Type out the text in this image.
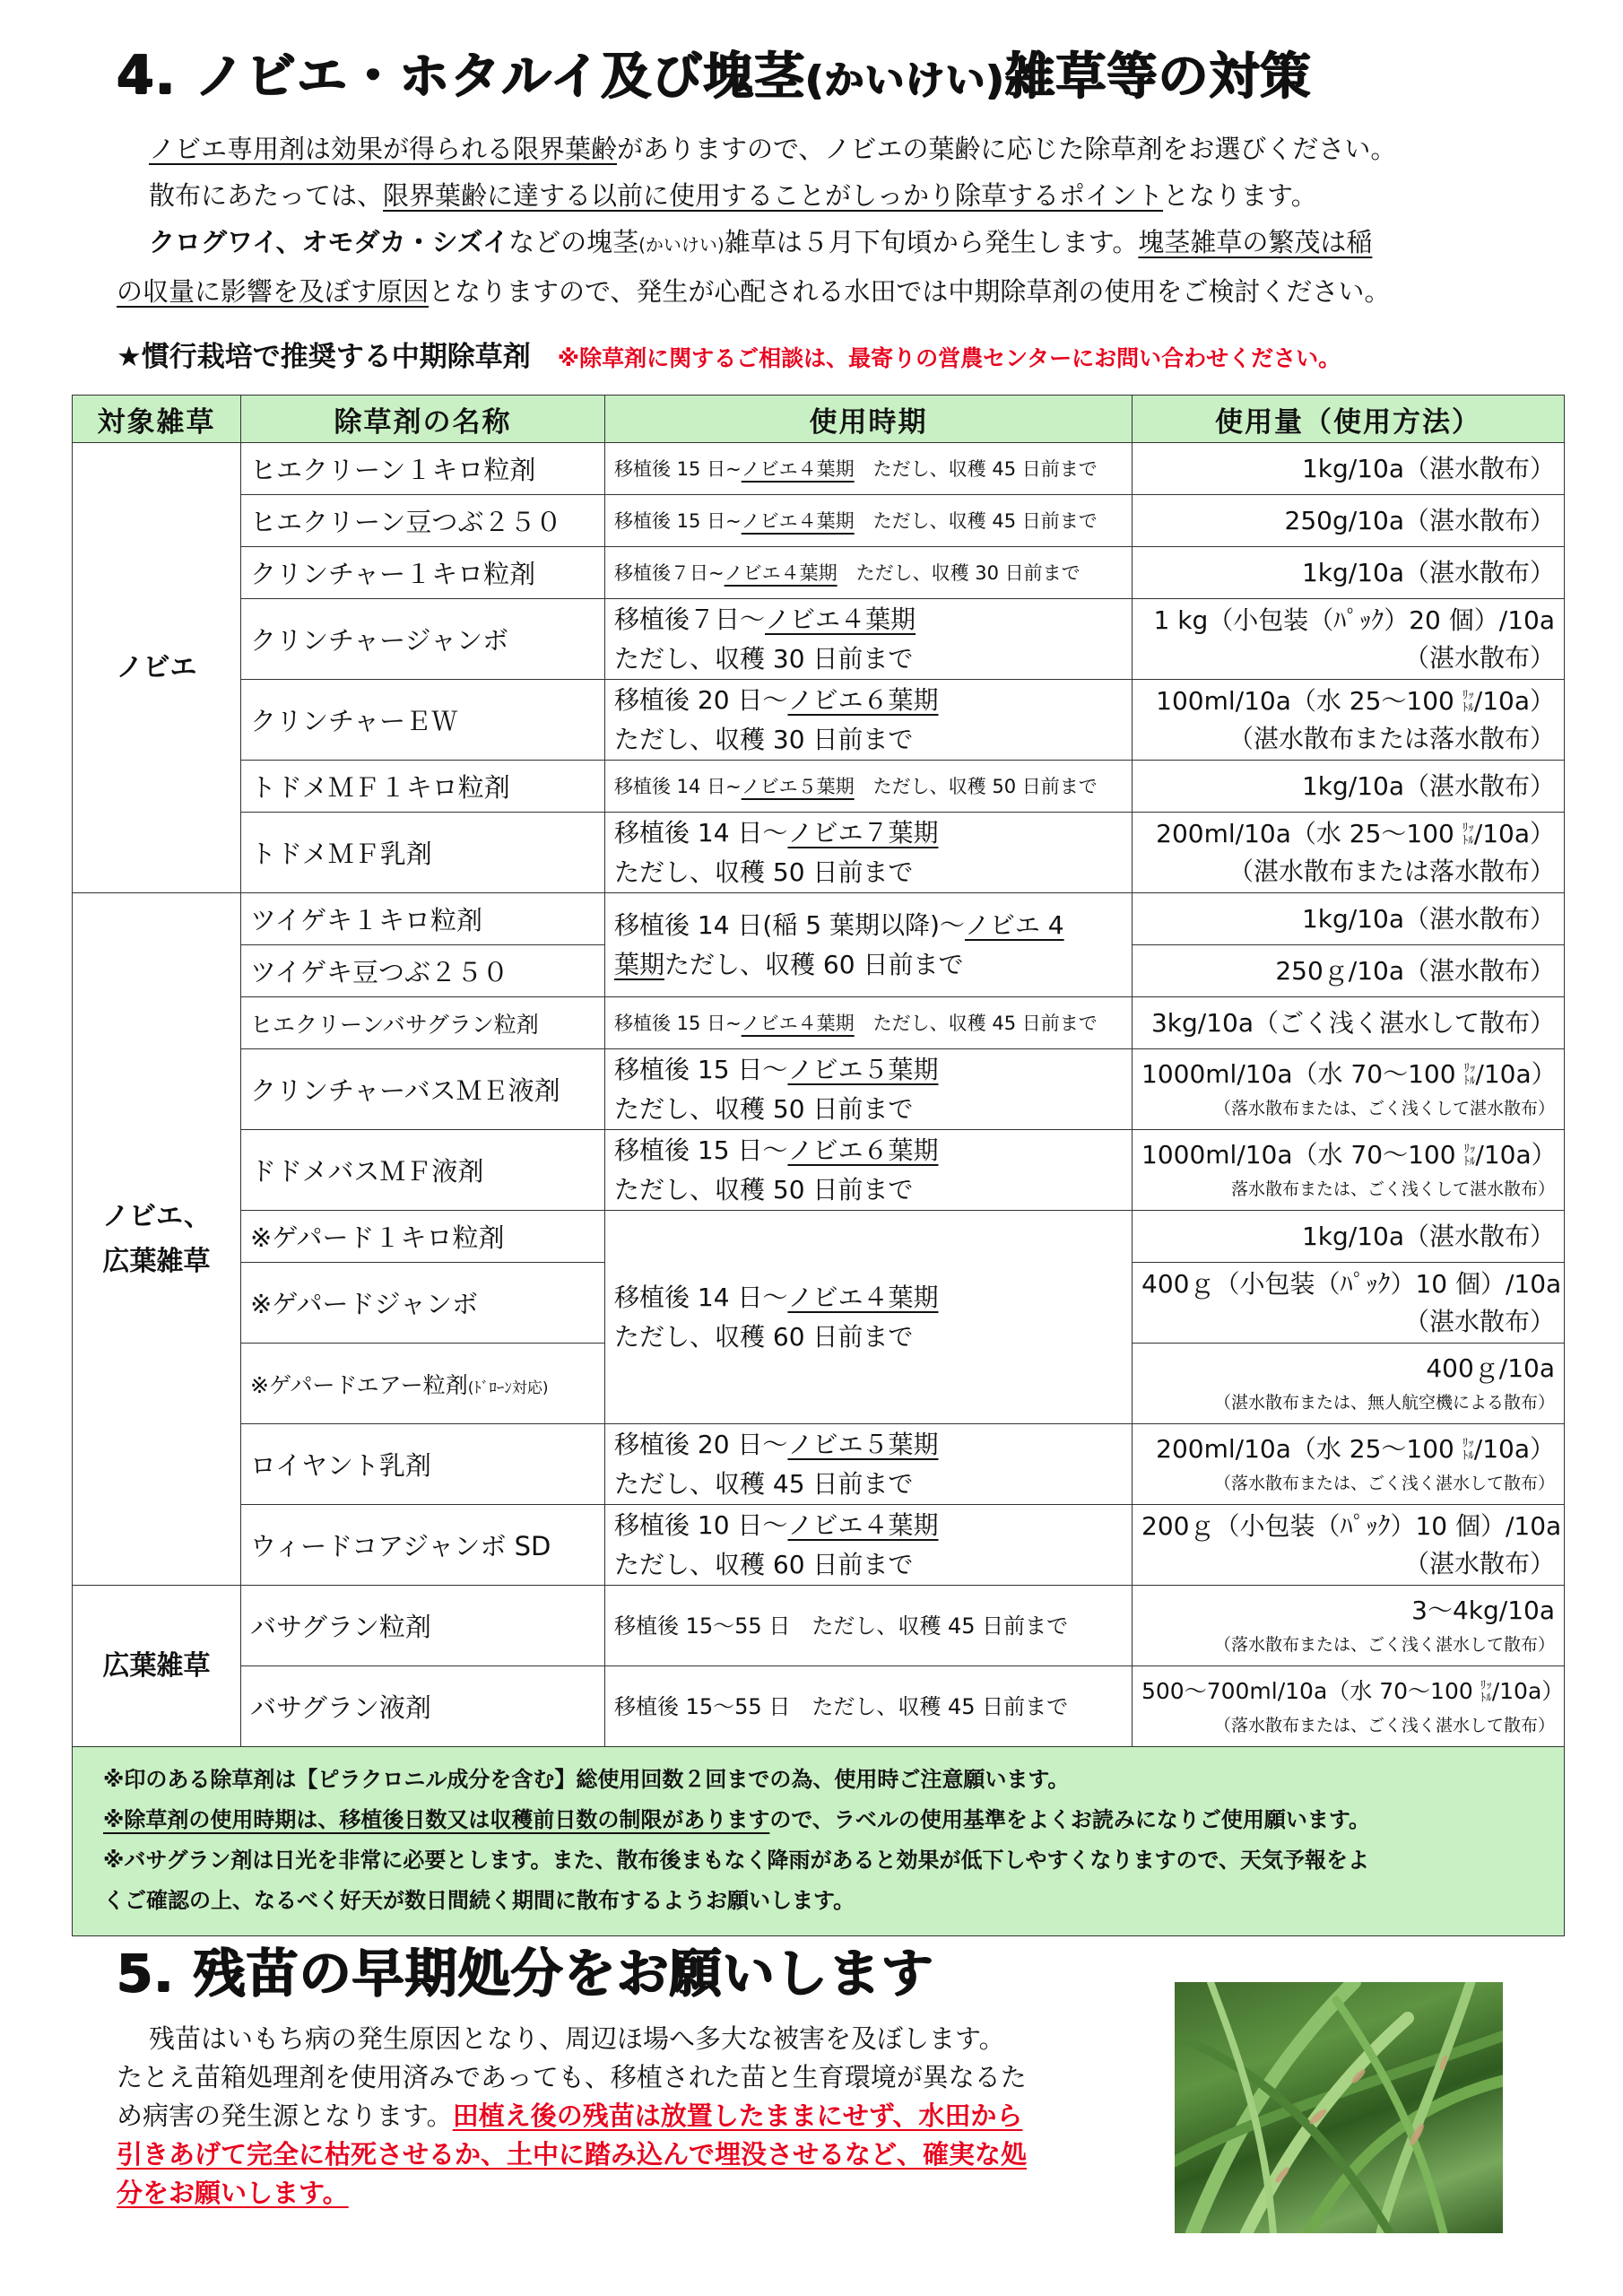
4. ノビエ・ホタルイ及び塊茎(かいけい)雑草等の対策

ノビエ専用剤は効果が得られる限界葉齢がありますので、ノビエの葉齢に応じた除草剤をお選びください。

散布にあたっては、限界葉齢に達する以前に使用することがしっかり除草するポイントとなります。

クログワイ、オモダカ・シズイなどの塊茎(かいけい)雑草は５月下旬頃から発生します。塊茎雑草の繁茂は稲

の収量に影響を及ぼす原因となりますので、発生が心配される水田では中期除草剤の使用をご検討ください。

★慣行栽培で推奨する中期除草剤 ※除草剤に関するご相談は、最寄りの営農センターにお問い合わせください。
対象雑草	除草剤の名称	使用時期	使用量（使用方法）
ノビエ	ヒエクリーン１キロ粒剤	移植後 15 日~ノビエ４葉期　 ただし、収穫 45 日前まで	1kg/10a（湛水散布）
	ヒエクリーン豆つぶ２５０	移植後 15 日~ノビエ４葉期　 ただし、収穫 45 日前まで	250g/10a（湛水散布）
	クリンチャー１キロ粒剤	移植後７日~ノビエ４葉期　 ただし、収穫 30 日前まで	1kg/10a（湛水散布）
	クリンチャージャンボ	移植後７日～ノビエ４葉期
ただし、収穫 30 日前まで	1 kg（小包装（ﾊﾟｯｸ）20 個）/10a
（湛水散布）

	クリンチャーＥＷ	移植後 20 日～ノビエ６葉期
ただし、収穫 30 日前まで	100ml/10a（水 25～100 ﾘｯ
ﾄﾙ/10a）
（湛水散布または落水散布）

	トドメＭＦ１キロ粒剤	移植後 14 日~ノビエ５葉期　 ただし、収穫 50 日前まで	1kg/10a（湛水散布）
	トドメＭＦ乳剤	移植後 14 日～ノビエ７葉期
ただし、収穫 50 日前まで	200ml/10a（水 25～100 ﾘｯ
ﾄﾙ/10a）
（湛水散布または落水散布）

ノビエ、
広葉雑草	ツイゲキ１キロ粒剤	移植後 14 日(稲 5 葉期以降)～ノビエ 4
葉期ただし、収穫 60 日前まで	1kg/10a（湛水散布）
	ツイゲキ豆つぶ２５０		250ｇ/10a（湛水散布）
	ヒエクリーンバサグラン粒剤	移植後 15 日~ノビエ４葉期　 ただし、収穫 45 日前まで	3kg/10a（ごく浅く湛水して散布）
	クリンチャーバスＭＥ液剤	移植後 15 日～ノビエ５葉期
ただし、収穫 50 日前まで	1000ml/10a（水 70～100 ﾘｯ
ﾄﾙ/10a）
（落水散布または、ごく浅くして湛水散布）

	ドドメバスＭＦ液剤	移植後 15 日～ノビエ６葉期
ただし、収穫 50 日前まで	1000ml/10a（水 70～100 ﾘｯ
ﾄﾙ/10a）
落水散布または、ごく浅くして湛水散布）

	※ゲパード１キロ粒剤	移植後 14 日～ノビエ４葉期
ただし、収穫 60 日前まで	1kg/10a（湛水散布）
	※ゲパードジャンボ		400ｇ（小包装（ﾊﾟｯｸ）10 個）/10a
（湛水散布）

	※ゲパードエアー粒剤(ﾄﾞﾛｰﾝ対応)		400ｇ/10a
（湛水散布または、無人航空機による散布）

	ロイヤント乳剤	移植後 20 日～ノビエ５葉期
ただし、収穫 45 日前まで	200ml/10a（水 25～100 ﾘｯ
ﾄﾙ/10a）
（落水散布または、ごく浅く湛水して散布）

	ウィードコアジャンボ SD	移植後 10 日～ノビエ４葉期
ただし、収穫 60 日前まで	200ｇ（小包装（ﾊﾟｯｸ）10 個）/10a
（湛水散布）

広葉雑草	バサグラン粒剤	移植後 15～55 日　 ただし、収穫 45 日前まで	3～4kg/10a
（落水散布または、ごく浅く湛水して散布）

	バサグラン液剤	移植後 15～55 日　 ただし、収穫 45 日前まで	500～700ml/10a（水 70～100 ﾘｯ
ﾄﾙ/10a）
（落水散布または、ごく浅く湛水して散布）

※印のある除草剤は【ピラクロニル成分を含む】総使用回数２回までの為、使用時ご注意願います。

※除草剤の使用時期は、移植後日数又は収穫前日数の制限がありますので、ラベルの使用基準をよくお読みになりご使用願います。

※バサグラン剤は日光を非常に必要とします。また、散布後まもなく降雨があると効果が低下しやすくなりますので、天気予報をよ
くご確認の上、なるべく好天が数日間続く期間に散布するようお願いします。			

5. 残苗の早期処分をお願いします

残苗はいもち病の発生原因となり、周辺ほ場へ多大な被害を及ぼします。

たとえ苗箱処理剤を使用済みであっても、移植された苗と生育環境が異なるた

め病害の発生源となります。田植え後の残苗は放置したままにせず、水田から

引きあげて完全に枯死させるか、土中に踏み込んで埋没させるなど、確実な処

分をお願いします。
